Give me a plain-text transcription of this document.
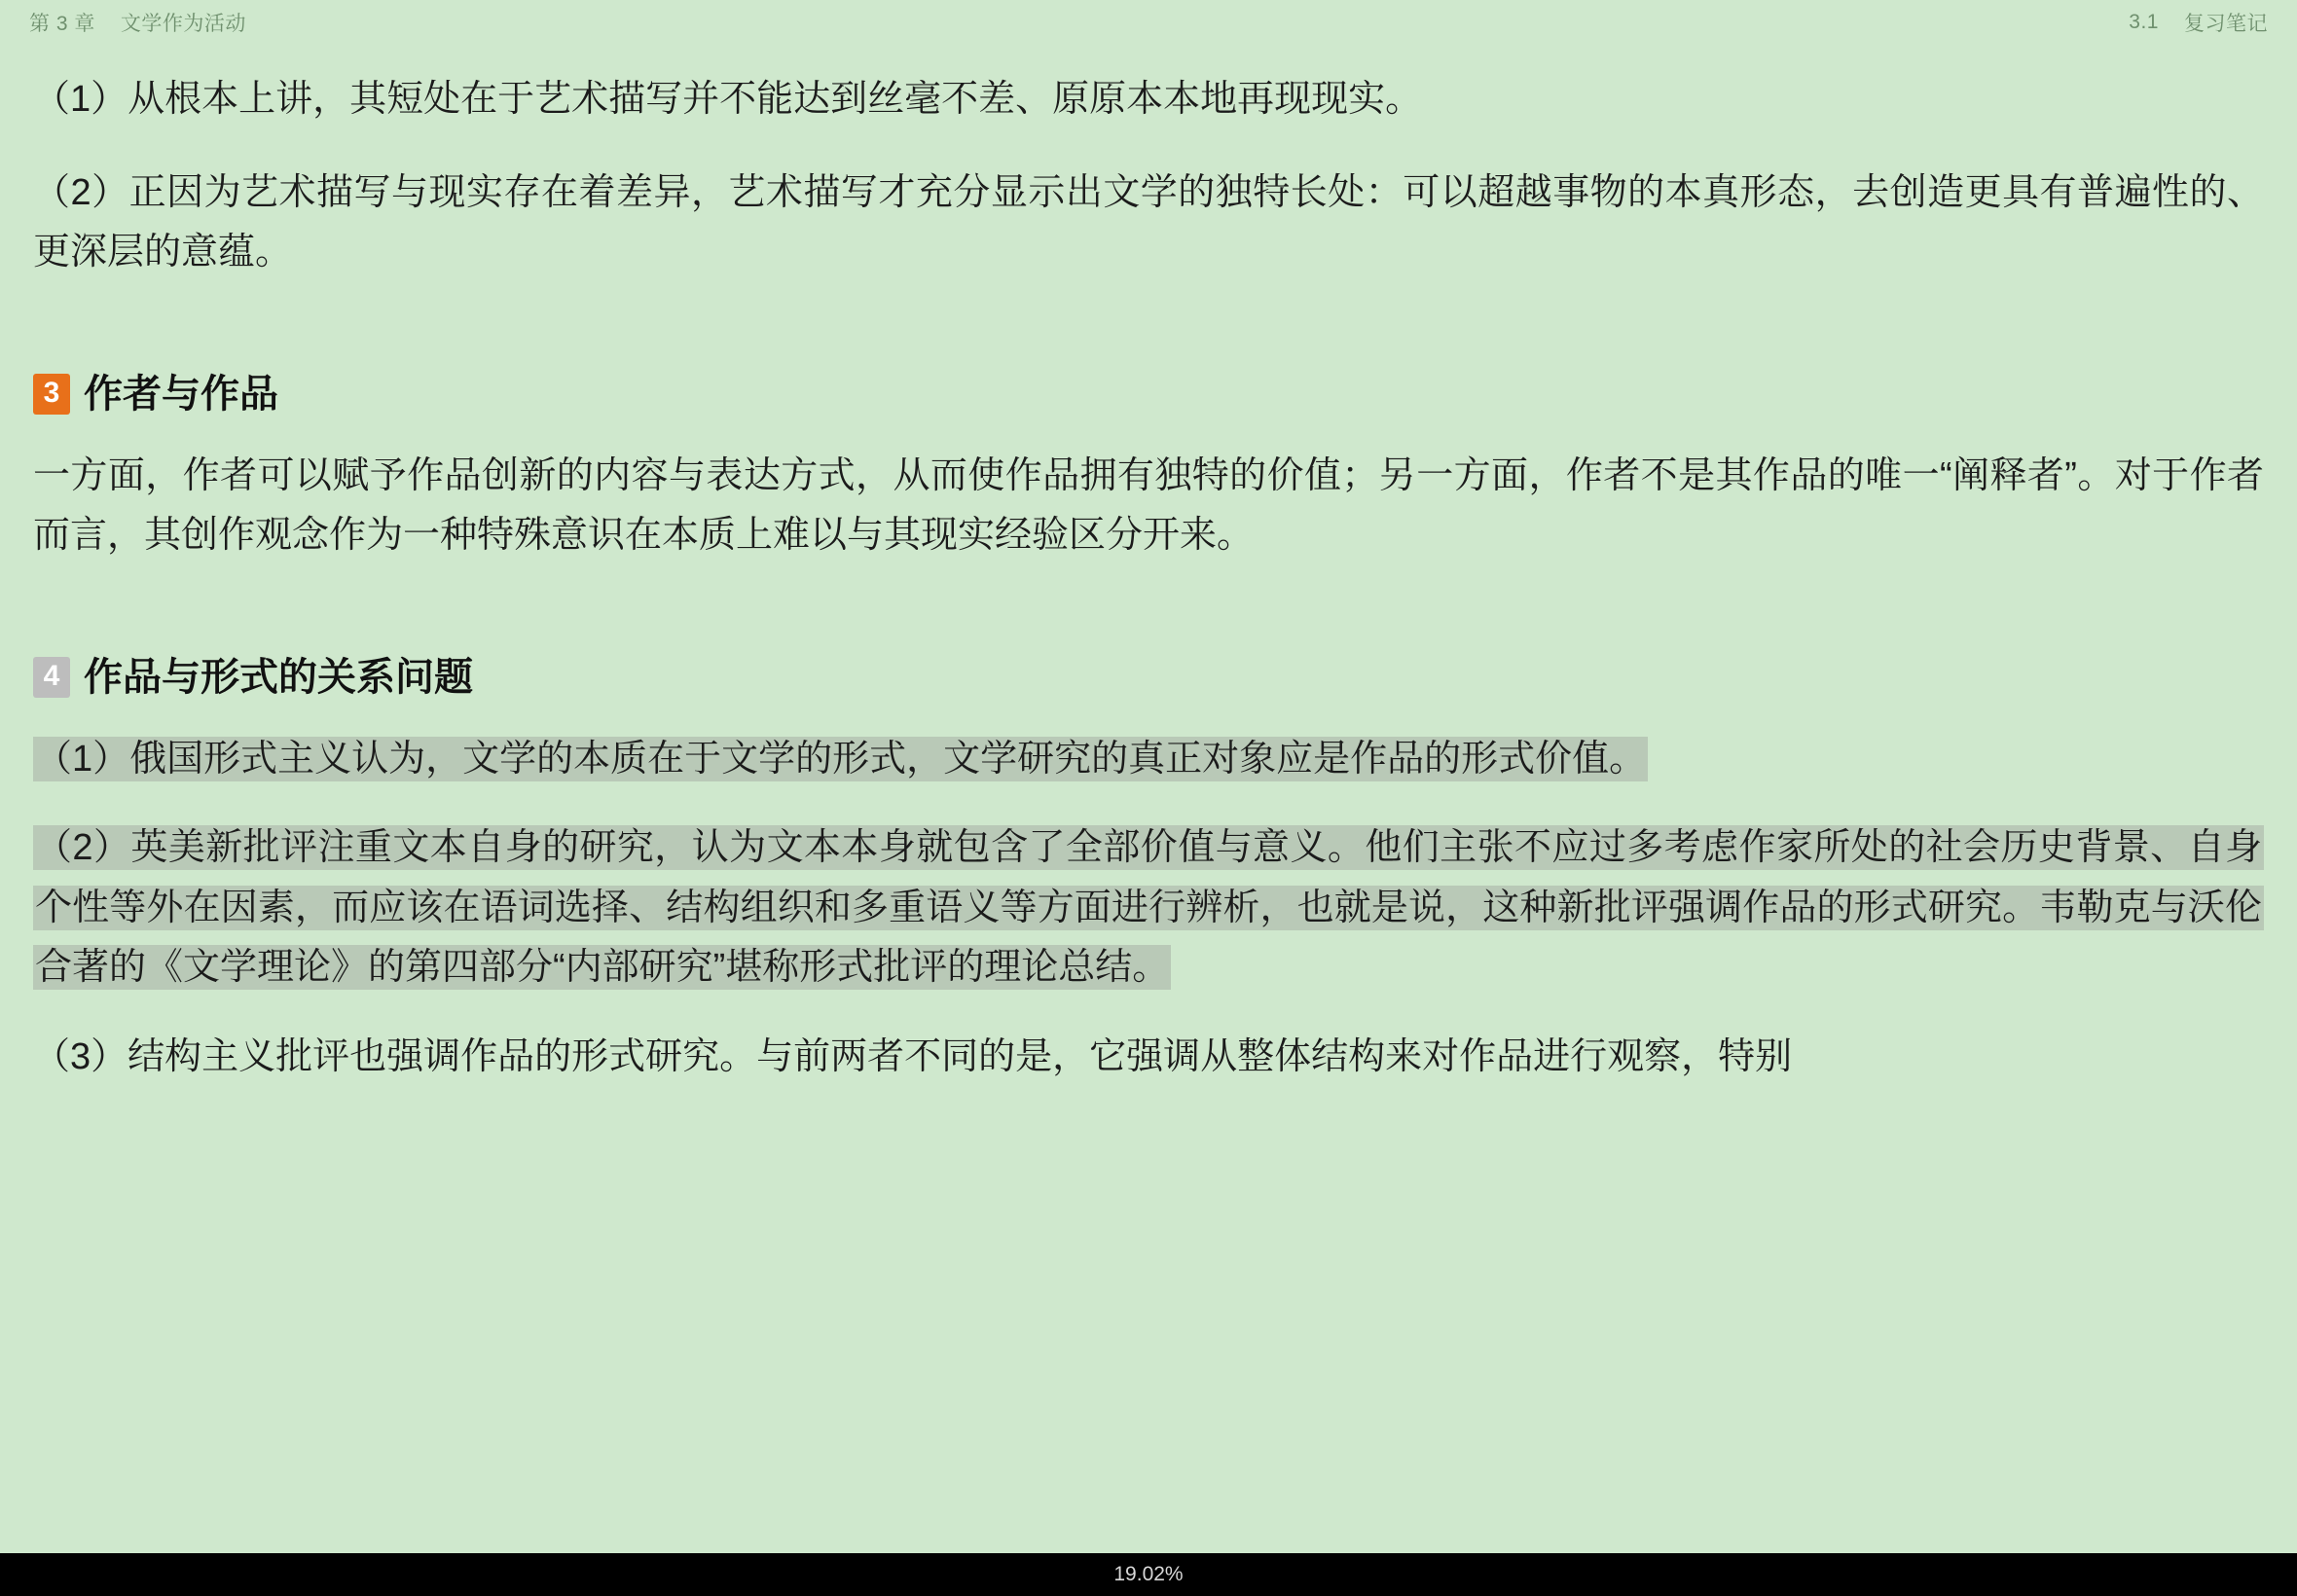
第 3 章 文学作为活动	3.1 复习笔记

（1）从根本上讲，其短处在于艺术描写并不能达到丝毫不差、原原本本地再现现实。

（2）正因为艺术描写与现实存在着差异，艺术描写才充分显示出文学的独特长处：可以超越事物的本真形态，去创造更具有普遍性的、更深层的意蕴。

3 作者与作品

一方面，作者可以赋予作品创新的内容与表达方式，从而使作品拥有独特的价值；另一方面，作者不是其作品的唯一“阐释者”。对于作者而言，其创作观念作为一种特殊意识在本质上难以与其现实经验区分开来。

4 作品与形式的关系问题

（1）俄国形式主义认为，文学的本质在于文学的形式，文学研究的真正对象应是作品的形式价值。

（2）英美新批评注重文本自身的研究，认为文本本身就包含了全部价值与意义。他们主张不应过多考虑作家所处的社会历史背景、自身个性等外在因素，而应该在语词选择、结构组织和多重语义等方面进行辨析，也就是说，这种新批评强调作品的形式研究。韦勒克与沃伦合著的《文学理论》的第四部分“内部研究”堪称形式批评的理论总结。

（3）结构主义批评也强调作品的形式研究。与前两者不同的是，它强调从整体结构来对作品进行观察，特别

19.02%
